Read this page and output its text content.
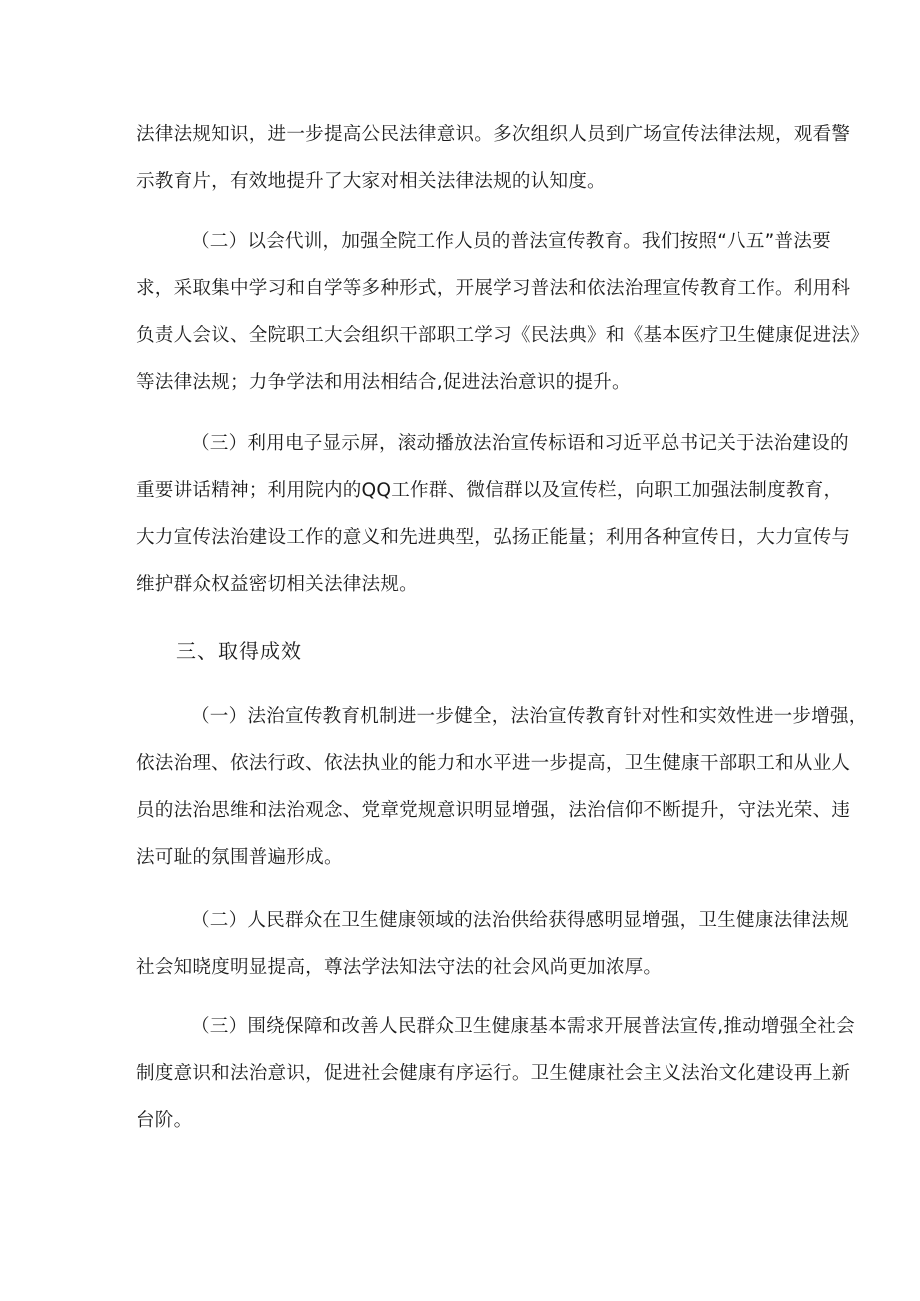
法律法规知识，进一步提高公民法律意识。多次组织人员到广场宣传法律法规，观看警
示教育片，有效地提升了大家对相关法律法规的认知度。

（二）以会代训，加强全院工作人员的普法宣传教育。我们按照“八五”普法要
求，采取集中学习和自学等多种形式，开展学习普法和依法治理宣传教育工作。利用科
负责人会议、全院职工大会组织干部职工学习《民法典》和《基本医疗卫生健康促进法》
等法律法规；力争学法和用法相结合,促进法治意识的提升。

（三）利用电子显示屏，滚动播放法治宣传标语和习近平总书记关于法治建设的
重要讲话精神；利用院内的QQ工作群、微信群以及宣传栏，向职工加强法制度教育，
大力宣传法治建设工作的意义和先进典型，弘扬正能量；利用各种宣传日，大力宣传与
维护群众权益密切相关法律法规。

三、取得成效

（一）法治宣传教育机制进一步健全，法治宣传教育针对性和实效性进一步增强，
依法治理、依法行政、依法执业的能力和水平进一步提高，卫生健康干部职工和从业人
员的法治思维和法治观念、党章党规意识明显增强，法治信仰不断提升，守法光荣、违
法可耻的氛围普遍形成。

（二）人民群众在卫生健康领域的法治供给获得感明显增强，卫生健康法律法规
社会知晓度明显提高，尊法学法知法守法的社会风尚更加浓厚。

（三）围绕保障和改善人民群众卫生健康基本需求开展普法宣传,推动增强全社会
制度意识和法治意识，促进社会健康有序运行。卫生健康社会主义法治文化建设再上新
台阶。
